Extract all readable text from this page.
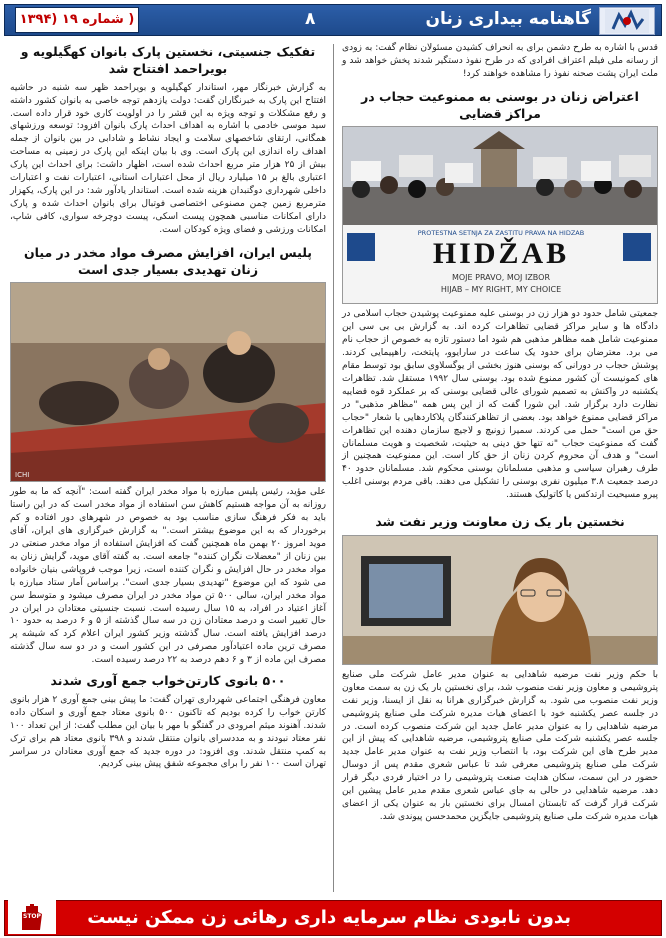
گاهنامه بیداری زنان
۸
( شماره ۱۹ (۱۳۹۴

قدس با اشاره به طرح دشمن برای به انحراف کشیدن مسئولان نظام گفت: به زودی از رسانه ملی فیلم اعتراف افرادی که در طرح نفوذ دستگیر شدند پخش خواهد شد و ملت ایران پشت صحنه نفوذ را مشاهده خواهند کرد!

اعتراض زنان در بوسنی به ممنوعیت حجاب در مراکز قضایی
PROTESTNA SETNJA ZA ZASTITU PRAVA NA HIDZAB
HIDŽAB
MOJE PRAVO, MOJ IZBOR
HIJAB – MY RIGHT, MY CHOICE

جمعیتی شامل حدود دو هزار زن در بوسنی علیه ممنوعیت پوشیدن حجاب اسلامی در دادگاه ها و سایر مراکز قضایی تظاهرات کرده اند. به گزارش بی بی سی این ممنوعیت شامل همه مظاهر مذهبی هم شود اما دستور تازه به خصوص از حجاب نام می برد. معترضان برای حدود یک ساعت در سارایوو، پایتخت، راهپیمایی کردند. پوشش حجاب در دورانی که بوسنی هنوز بخشی از یوگسلاوی سابق بود توسط مقام های کمونیست آن کشور ممنوع شده بود. بوسنی سال ۱۹۹۲ مستقل شد. تظاهرات یکشنبه در واکنش به تصمیم شورای عالی قضایی بوسنی که بر عملکرد قوه قضاییه نظارت دارد برگزار شد. این شورا گفت که از این پس همه "مظاهر مذهبی" در مراکز قضایی ممنوع خواهد بود. بعضی از تظاهرکنندگان پلاکاردهایی با شعار "حجاب حق من است" حمل می کردند. سمیرا زونیچ و لاجیچ سازمان دهنده این تظاهرات گفت که ممنوعیت حجاب "نه تنها حق دینی به حیثیت، شخصیت و هویت مسلمانان است" و هدف آن محروم کردن زنان از حق کار است. این ممنوعیت همچنین از طرف رهبران سیاسی و مذهبی مسلمانان بوسنی محکوم شد. مسلمانان حدود ۴۰ درصد جمعیت ۳.۸ میلیون نفری بوسنی را تشکیل می دهند. باقی مردم بوسنی اغلب پیرو مسیحیت ارتدکس یا کاتولیک هستند.

نخستین بار یک زن معاونت وزیر نفت شد

با حکم وزیر نفت مرضیه شاهدایی به عنوان مدیر عامل شرکت ملی صنایع پتروشیمی و معاون وزیر نفت منصوب شد، برای نخستین بار یک زن به سمت معاون وزیر نفت منصوب می شود. به گزارش خبرگزاری هرانا به نقل از ایسنا، وزیر نفت در جلسه عصر یکشنبه خود با اعضای هیات مدیره شرکت ملی صنایع پتروشیمی مرضیه شاهدایی را به عنوان مدیر عامل جدید این شرکت منصوب کرده است. در جلسه عصر یکشنبه شرکت ملی صنایع پتروشیمی، مرضیه شاهدایی که پیش از این مدیر طرح های این شرکت بود، با انتصاب وزیر نفت به عنوان مدیر عامل جدید شرکت ملی صنایع پتروشیمی معرفی شد تا عباس شعری مقدم پس از دوسال حضور در این سمت، سکان هدایت صنعت پتروشیمی را در اختیار فردی دیگر قرار دهد. مرضیه شاهدایی در حالی به جای عباس شعری مقدم مدیر عامل پیشین این شرکت قرار گرفت که تابستان امسال برای نخستین بار به عنوان یکی از اعضای هیات مدیره شرکت ملی صنایع پتروشیمی جایگزین محمدحسن پیوندی شد.

تفکیک جنسیتی، نخستین پارک بانوان کهگیلویه و بویراحمد افتتاح شد

به گزارش خبرنگار مهر، استاندار کهگیلویه و بویراحمد ظهر سه شنبه در حاشیه افتتاح این پارک به خبرنگاران گفت: دولت یازدهم توجه خاصی به بانوان کشور داشته و رفع مشکلات و توجه ویژه به این قشر را در اولویت کاری خود قرار داده است. سید موسی خادمی با اشاره به اهداف احداث پارک بانوان افزود: توسعه ورزشهای همگانی، ارتقای شاخصهای سلامت و ایجاد نشاط و شادابی در بین بانوان از جمله اهداف راه اندازی این پارک است. وی با بیان اینکه این پارک در زمینی به مساحت بیش از ۲۵ هزار متر مربع احداث شده است، اظهار داشت: برای احداث این پارک اعتباری بالغ بر ۱۵ میلیارد ریال از محل اعتبارات استانی، اعتبارات نفت و اعتبارات داخلی شهرداری دوگنبدان هزینه شده است. استاندار یادآور شد: در این پارک، یکهزار مترمربع زمین چمن مصنوعی اختصاصی فوتبال برای بانوان احداث شده و پارک دارای امکانات مناسبی همچون پیست اسکی، پیست دوچرخه سواری، کافی شاپ، امکانات ورزشی و فضای ویژه کودکان است.

پلیس ایران، افزایش مصرف مواد مخدر در میان زنان تهدیدی بسیار جدی است
ICHI

علی مؤید، رئیس پلیس مبارزه با مواد مخدر ایران گفته است: "آنچه که ما به طور روزانه به آن مواجه هستیم کاهش سن استفاده از مواد مخدر است که در این راستا باید به فکر فرهنگ سازی مناسب بود به خصوص در شهرهای دور افتاده و کم برخوردار که به این موضوع بیشتر است." به گزارش خبرگزاری های ایران، آقای موید امروز ۲۰ بهمن ماه همچنین گفت که افزایش استفاده از مواد مخدر صنعتی در بین زنان از "معضلات نگران کننده" جامعه است. به گفته آقای موید، گرایش زنان به مواد مخدر در حال افزایش و نگران کننده است، زیرا موجب فروپاشی بنیان خانواده می شود که این موضوع "تهدیدی بسیار جدی است". براساس آمار ستاد مبارزه با مواد مخدر ایران، سالی ۵۰۰ تن مواد مخدر در ایران مصرف میشود و متوسط سن آغاز اعتیاد در افراد، به ۱۵ سال رسیده است. نسبت جنسیتی معتادان در ایران در حال تغییر است و درصد معتادان زن در سه سال گذشته از ۵ و ۶ درصد به حدود ۱۰ درصد افزایش یافته است. سال گذشته وزیر کشور ایران اعلام کرد که شیشه پر مصرف ترین ماده اعتیادآور مصرفی در این کشور است و در دو سه سال گذشته مصرف این ماده از ۳ و ۶ دهم درصد به ۲۲ درصد رسیده است.

۵۰۰ بانوی کارتن‌خواب جمع آوری شدند

معاون فرهنگی اجتماعی شهرداری تهران گفت: ما پیش بینی جمع آوری ۲ هزار بانوی کارتن خواب را کرده بودیم که تاکنون ۵۰۰ بانوی معتاد جمع آوری و اسکان داده شدند. آهنوند میثم امرودی در گفتگو با مهر با بیان این مطلب گفت: از این تعداد ۱۰۰ نفر معتاد نبودند و به مددسرای بانوان منتقل شدند و ۳۹۸ بانوی معتاد هم برای ترک به کمپ منتقل شدند. وی افزود: در دوره جدید که جمع آوری معتادان در سراسر تهران است ۱۰۰ نفر را برای مجموعه شفق پیش بینی کردیم.

بدون نابودی نظام سرمایه داری رهائی زن ممکن نیست
STOP
